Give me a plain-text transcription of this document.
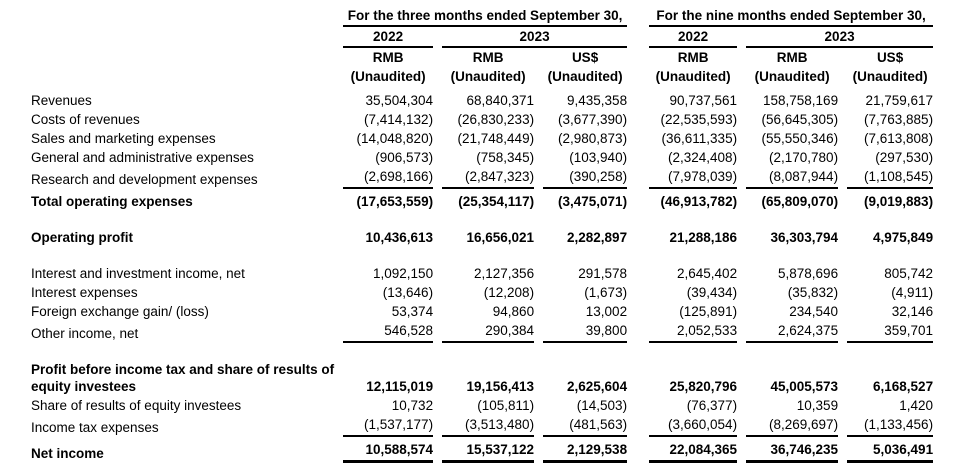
	For the three months ended September 30,				For the nine months ended September 30,		
	2022	2023			2022	2023	
	RMB	RMB	US$		RMB	RMB	US$
	(Unaudited)	(Unaudited)	(Unaudited)		(Unaudited)	(Unaudited)	(Unaudited)
Revenues	35,504,304	68,840,371	9,435,358		90,737,561	158,758,169	21,759,617
Costs of revenues	(7,414,132)	(26,830,233)	(3,677,390)		(22,535,593)	(56,645,305)	(7,763,885)
Sales and marketing expenses	(14,048,820)	(21,748,449)	(2,980,873)		(36,611,335)	(55,550,346)	(7,613,808)
General and administrative expenses	(906,573)	(758,345)	(103,940)		(2,324,408)	(2,170,780)	(297,530)
Research and development expenses	(2,698,166)	(2,847,323)	(390,258)		(7,978,039)	(8,087,944)	(1,108,545)
Total operating expenses	(17,653,559)	(25,354,117)	(3,475,071)		(46,913,782)	(65,809,070)	(9,019,883)

Operating profit	10,436,613	16,656,021	2,282,897		21,288,186	36,303,794	4,975,849

Interest and investment income, net	1,092,150	2,127,356	291,578		2,645,402	5,878,696	805,742
Interest expenses	(13,646)	(12,208)	(1,673)		(39,434)	(35,832)	(4,911)
Foreign exchange gain/ (loss)	53,374	94,860	13,002		(125,891)	234,540	32,146
Other income, net	546,528	290,384	39,800		2,052,533	2,624,375	359,701

Profit before income tax and share of results of
equity investees	12,115,019	19,156,413	2,625,604		25,820,796	45,005,573	6,168,527
Share of results of equity investees	10,732	(105,811)	(14,503)		(76,377)	10,359	1,420
Income tax expenses	(1,537,177)	(3,513,480)	(481,563)		(3,660,054)	(8,269,697)	(1,133,456)
Net income	10,588,574	15,537,122	2,129,538		22,084,365	36,746,235	5,036,491
